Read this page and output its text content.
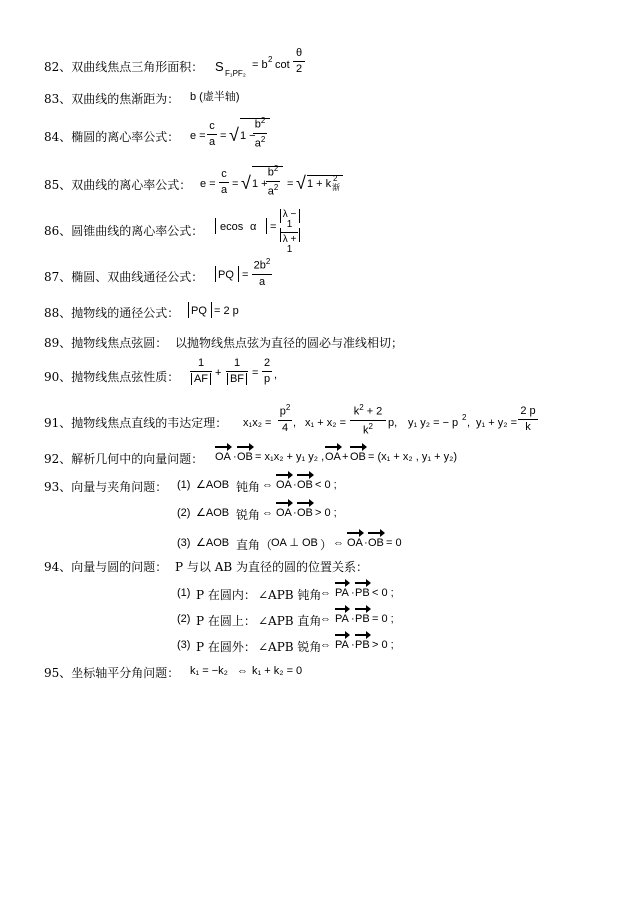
82、双曲线焦点三角形面积： S F₁PF₂
= b 2 cot
θ
2
83、双曲线的焦渐距为： b (虚半轴)
84、椭圆的离心率公式： e =
c
a = √ 1 −
$b^2$
$a^2$
85、双曲线的离心率公式： e =
c
a = √ 1 +
$b^2$
$a^2$ = √ 1 + k 渐
2
86、圆锥曲线的离心率公式： ecos α =
λ − 1
λ + 1
87、椭圆、双曲线通径公式： PQ =
$2b^2$
a
88、抛物线的通径公式： PQ = 2 p
89、抛物线焦点弦圆： 以抛物线焦点弦为直径的圆必与准线相切；
90、抛物线焦点弦性质：
1
AF +
1
BF =
2
p ,
91、抛物线焦点直线的韦达定理： x₁x₂ =
$p^2$
4 , x₁ + x₂ =
$k^2 + 2$
$k^2$	p, y₁ y₂ = − p 2 , y₁ + y₂ =
2 p
k
92、解析几何中的向量问题： OA · OB = x₁x₂ + y₁ y₂ , OA + OB = (x₁ + x₂ , y₁ + y₂)
93、向量与夹角问题： (1) ∠AOB 钝角 ⇔ OA · OB < 0 ;
(2) ∠AOB 锐角 ⇔ OA · OB > 0 ;
(3) ∠AOB 直角（
OA ⊥ OB ） ⇔ OA · OB = 0
94、向量与圆的问题： P 与以 AB 为直径的圆的位置关系：
(1) P 在圆内： ∠APB 钝角
⇔ PA · PB < 0 ;
(2) P 在圆上： ∠APB 直角
⇔ PA · PB = 0 ;
(3) P 在圆外： ∠APB 锐角
⇔ PA · PB > 0 ;
95、坐标轴平分角问题： k₁ = −k₂ ⇔ k₁ + k₂ = 0
